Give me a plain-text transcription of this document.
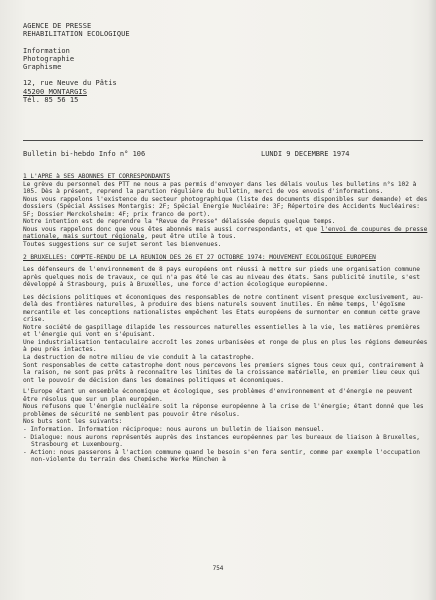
AGENCE DE PRESSE
REHABILITATION ECOLOGIQUE
Information
Photographie
Graphisme
12, rue Neuve du Pâtis
45200 MONTARGIS
Tél. 85 56 15
Bulletin bi-hebdo Info n° 106	LUNDI 9 DECEMBRE 1974

1 L'APRE à SES ABONNES ET CORRESPONDANTS

Le grève du personnel des PTT ne nous a pas permis d'envoyer dans les délais voulus les bulletins n°s 102 à 105. Dès à présent, reprend la parution régulière du bulletin, merci de vos envois d'informations.

Nous vous rappelons l'existence du secteur photographique (liste des documents disponibles sur demande) et des dossiers (Spécial Assises Montargis: 2F; Spécial Energie Nucléaire: 3F; Répertoire des Accidents Nucléaires: 5F; Dossier Merckolsheim: 4F; prix franco de port).

Notre intention est de reprendre la "Revue de Presse" délaissée depuis quelque temps.

Nous vous rappelons donc que vous êtes abonnés mais aussi correspondants, et que l'envoi de coupures de presse nationale, mais surtout régionale, peut être utile à tous.

Toutes suggestions sur ce sujet seront les bienvenues.

2 BRUXELLES: COMPTE-RENDU DE LA REUNION DES 26 ET 27 OCTOBRE 1974: MOUVEMENT ECOLOGIQUE EUROPEEN

Les défenseurs de l'environnement de 8 pays européens ont réussi à mettre sur pieds une organisation commune après quelques mois de travaux, ce qui n'a pas été le cas au niveau des états. Sans publicité inutile, s'est développé à Strasbourg, puis à Bruxelles, une force d'action écologique européenne.

Les décisions politiques et économiques des responsables de notre continent visent presque exclusivement, au-delà des frontières naturelles, à produire des biens naturels souvent inutiles. En même temps, l'égoïsme mercantile et les conceptions nationalistes empêchent les Etats européens de surmonter en commun cette grave crise.

Notre société de gaspillage dilapide les ressources naturelles essentielles à la vie, les matières premières et l'énergie qui vont en s'épuisant.

Une industrialisation tentaculaire accroît les zones urbanisées et ronge de plus en plus les régions demeurées à peu près intactes.

La destruction de notre milieu de vie conduit à la catastrophe.

Sont responsables de cette catastrophe dont nous percevons les premiers signes tous ceux qui, contrairement à la raison, ne sont pas prêts à reconnaître les limites de la croissance matérielle, en premier lieu ceux qui ont le pouvoir de décision dans les domaines politiques et économiques.

L'Europe étant un ensemble économique et écologique, ses problèmes d'environnement et d'énergie ne peuvent être résolus que sur un plan européen.

Nous refusons que l'énergie nucléaire soit la réponse européenne à la crise de l'énergie; étant donné que les problèmes de sécurité ne semblent pas pouvoir être résolus.

Nos buts sont les suivants:

- Information. Information réciproque: nous aurons un bulletin de liaison mensuel.
- Dialogue: nous aurons représentés auprès des instances européennes par les bureaux de liaison à Bruxelles, Strasbourg et Luxembourg.
- Action: nous passerons à l'action commune quand le besoin s'en fera sentir, comme par exemple l'occupation non-violente du terrain des Chemische Werke München à
754
